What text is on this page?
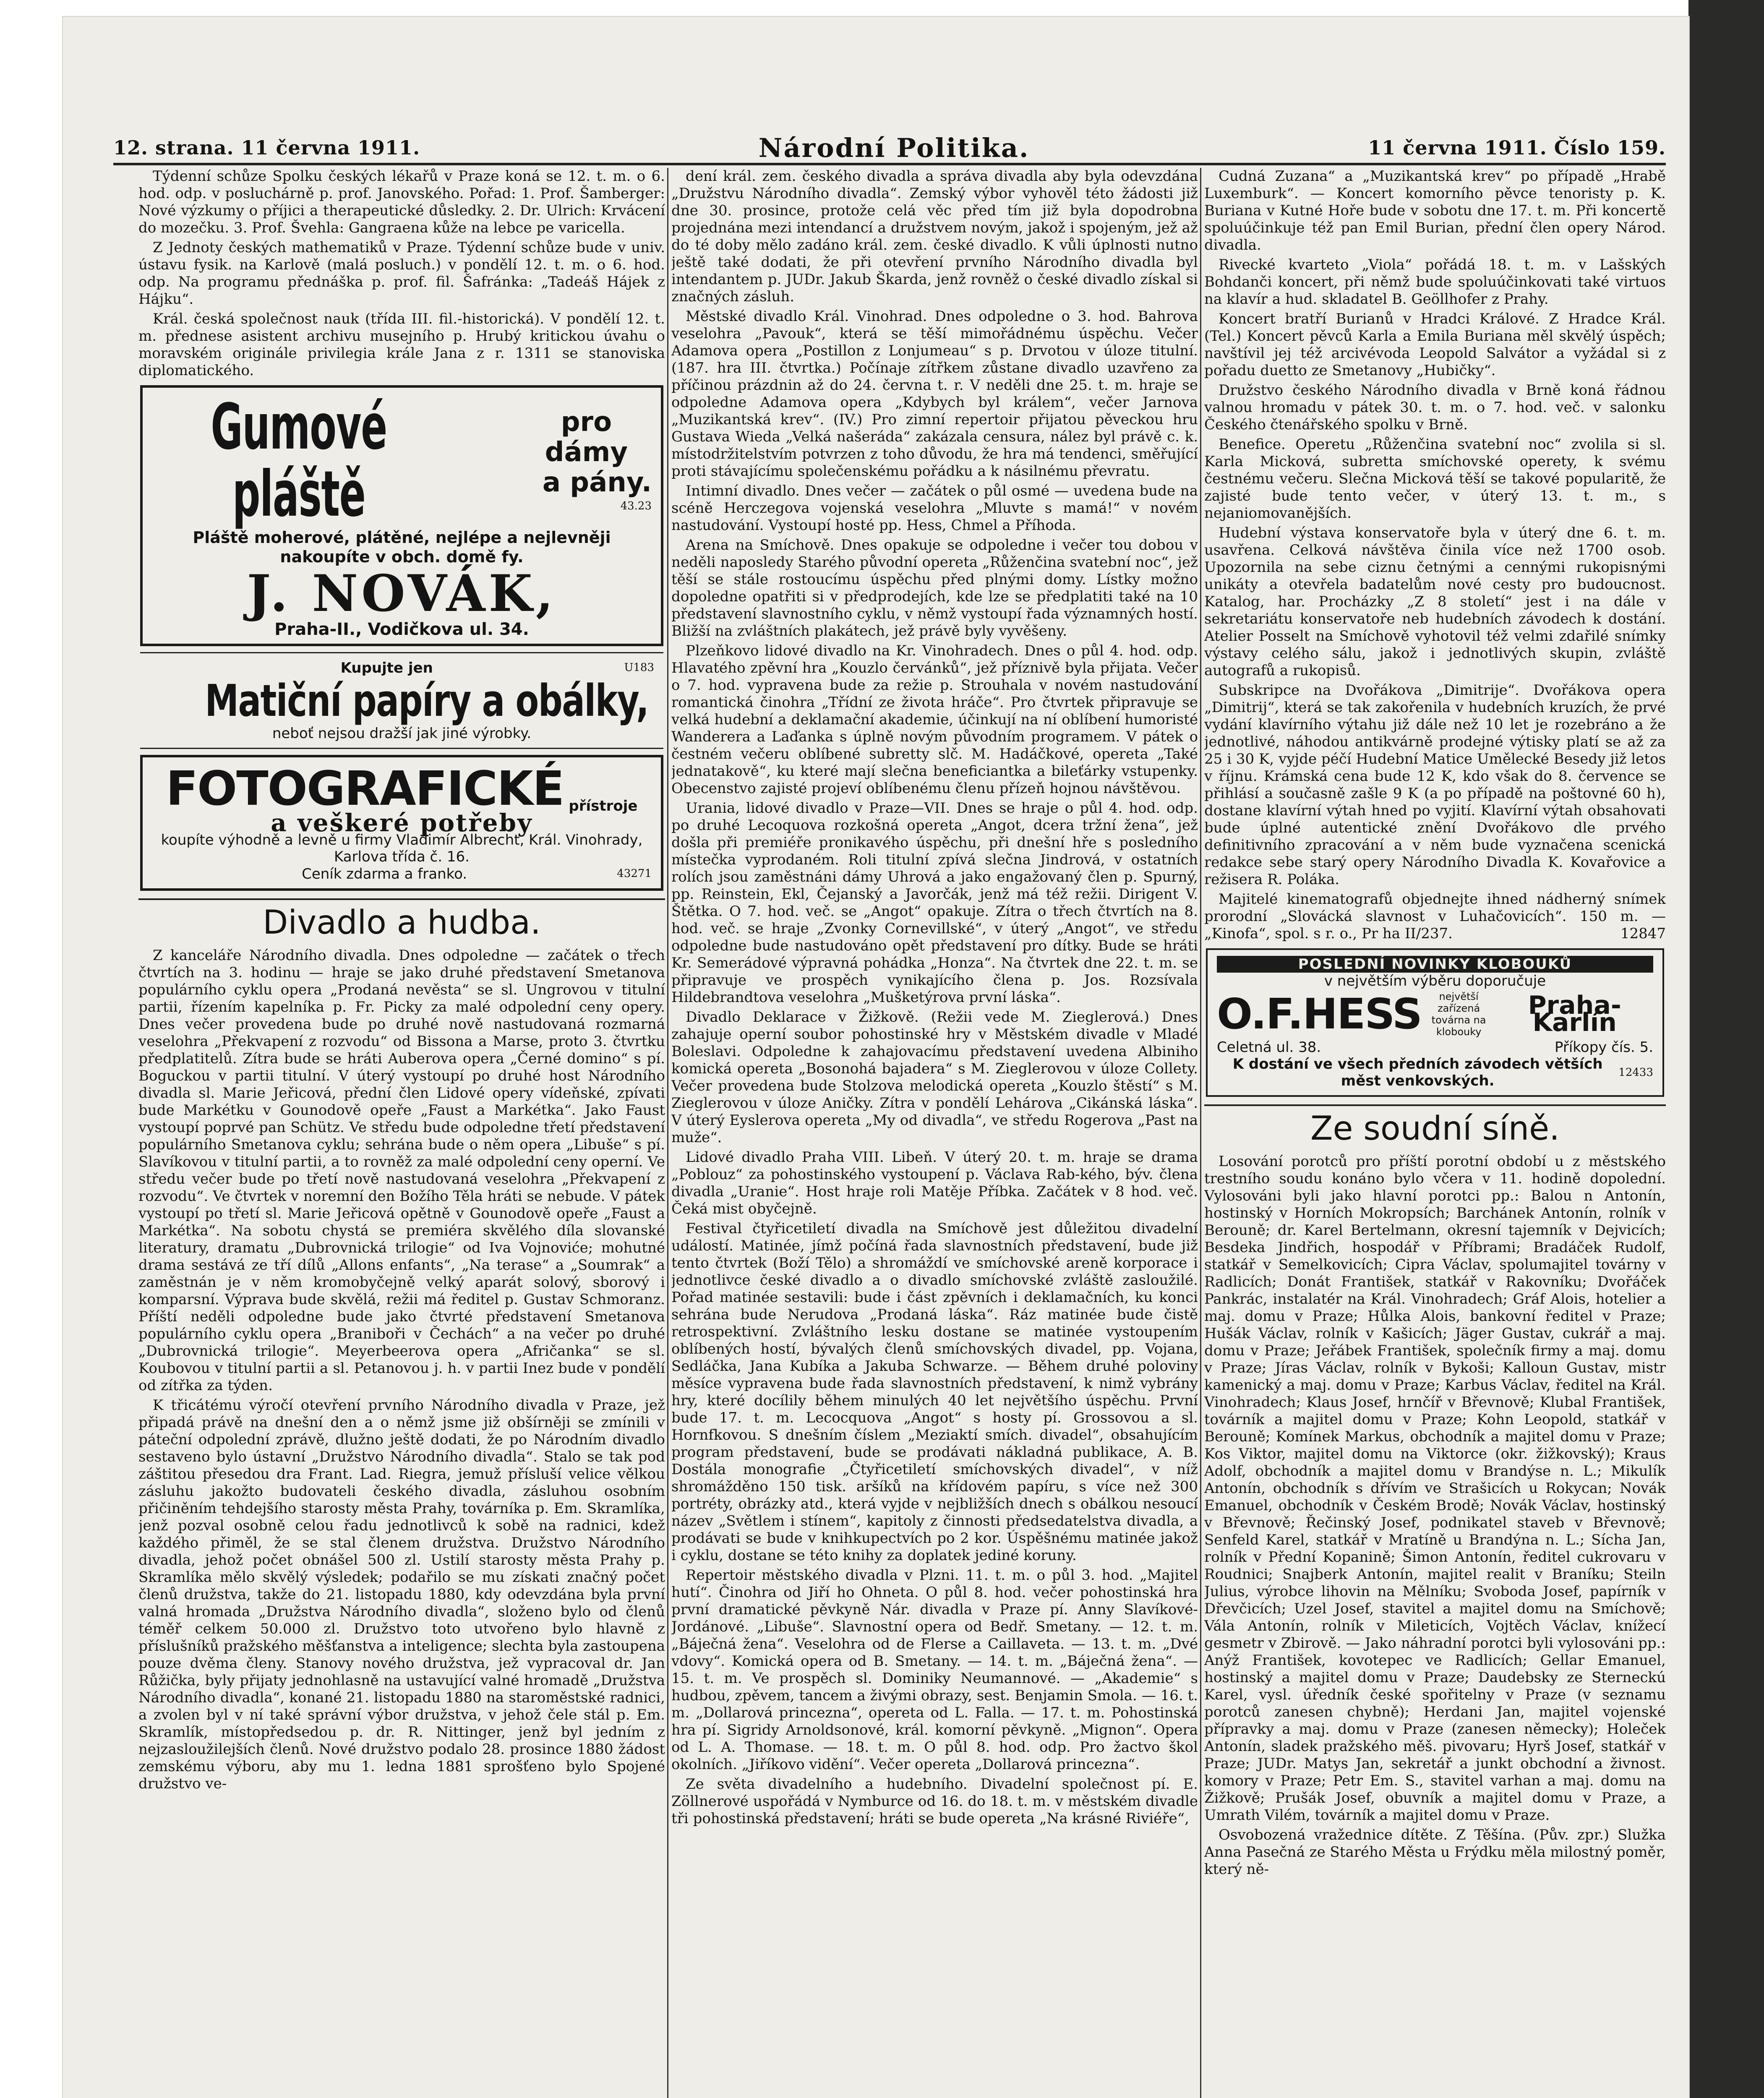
12. strana. 11 června 1911.	Národní Politika.	11 června 1911. Číslo 159.

Týdenní schůze Spolku českých lékařů v Praze koná se 12. t. m. o 6. hod. odp. v posluchárně p. prof. Janovského. Pořad: 1. Prof. Šamberger: Nové výzkumy o příjici a therapeutické důsledky. 2. Dr. Ulrich: Krvácení do mozečku. 3. Prof. Švehla: Gangraena kůže na lebce pe varicella.

Z Jednoty českých mathematiků v Praze. Týdenní schůze bude v univ. ústavu fysik. na Karlově (malá posluch.) v pondělí 12. t. m. o 6. hod. odp. Na programu přednáška p. prof. fil. Šafránka: „Tadeáš Hájek z Hájku“.

Král. česká společnost nauk (třída III. fil.-historická). V pondělí 12. t. m. přednese asistent archivu musejního p. Hrubý kritickou úvahu o moravském originále privilegia krále Jana z r. 1311 se stanoviska diplomatického.

Gumové pláště
pro dámy
a pány.
43.23
Pláště moherové, plátěné, nejlépe a nejlevněji nakoupíte v obch. domě fy.
J. NOVÁK,
Praha-II., Vodičkova ul. 34.
Kupujte jen	U183
Matiční papíry a obálky,
neboť nejsou dražší jak jiné výrobky.
FOTOGRAFICKÉ přístroje
a veškeré potřeby
koupíte výhodně a levně u firmy Vladimír Albrecht, Král. Vinohrady, Karlova třída č. 16.
Ceník zdarma a franko.	43271
Divadlo a hudba.

Z kanceláře Národního divadla. Dnes odpoledne — začátek o třech čtvrtích na 3. hodinu — hraje se jako druhé představení Smetanova populárního cyklu opera „Prodaná nevěsta“ se sl. Ungrovou v titulní partii, řízením kapelníka p. Fr. Picky za malé odpolední ceny opery. Dnes večer provedena bude po druhé nově nastudovaná rozmarná veselohra „Překvapení z rozvodu“ od Bissona a Marse, proto 3. čtvrtku předplatitelů. Zítra bude se hráti Auberova opera „Černé domino“ s pí. Boguckou v partii titulní. V úterý vystoupí po druhé host Národního divadla sl. Marie Jeřicová, přední člen Lidové opery vídeňské, zpívati bude Markétku v Gounodově opeře „Faust a Markétka“. Jako Faust vystoupí poprvé pan Schütz. Ve středu bude odpoledne třetí představení populárního Smetanova cyklu; sehrána bude o něm opera „Libuše“ s pí. Slavíkovou v titulní partii, a to rovněž za malé odpolední ceny operní. Ve středu večer bude po třetí nově nastudovaná veselohra „Překvapení z rozvodu“. Ve čtvrtek v noremní den Božího Těla hráti se nebude. V pátek vystoupí po třetí sl. Marie Jeřicová opětně v Gounodově opeře „Faust a Markétka“. Na sobotu chystá se premiéra skvělého díla slovanské literatury, dramatu „Dubrovnická trilogie“ od Iva Vojnoviće; mohutné drama sestává ze tří dílů „Allons enfants“, „Na terase“ a „Soumrak“ a zaměstnán je v něm kromobyčejně velký aparát solový, sborový i komparsní. Výprava bude skvělá, režii má ředitel p. Gustav Schmoranz. Příští neděli odpoledne bude jako čtvrté představení Smetanova populárního cyklu opera „Braniboři v Čechách“ a na večer po druhé „Dubrovnická trilogie“. Meyerbeerova opera „Afričanka“ se sl. Koubovou v titulní partii a sl. Petanovou j. h. v partii Inez bude v pondělí od zítřka za týden.

K třicátému výročí otevření prvního Národního divadla v Praze, jež připadá právě na dnešní den a o němž jsme již obšírněji se zmínili v páteční odpolední zprávě, dlužno ještě dodati, že po Národním divadlo sestaveno bylo ústavní „Družstvo Národního divadla“. Stalo se tak pod záštitou přesedou dra Frant. Lad. Riegra, jemuž přísluší velice vělkou zásluhu jakožto budovateli českého divadla, zásluhou osobním přičiněním tehdejšího starosty města Prahy, továrníka p. Em. Skramlíka, jenž pozval osobně celou řadu jednotlivců k sobě na radnici, kdež každého přiměl, že se stal členem družstva. Družstvo Národního divadla, jehož počet obnášel 500 zl. Ustilí starosty města Prahy p. Skramlíka mělo skvělý výsledek; podařilo se mu získati značný počet členů družstva, takže do 21. listopadu 1880, kdy odevzdána byla první valná hromada „Družstva Národního divadla“, složeno bylo od členů téměř celkem 50.000 zl. Družstvo toto utvořeno bylo hlavně z příslušníků pražského měšťanstva a inteligence; slechta byla zastoupena pouze dvěma členy. Stanovy nového družstva, jež vypracoval dr. Jan Růžička, byly přijaty jednohlasně na ustavující valné hromadě „Družstva Národního divadla“, konané 21. listopadu 1880 na staroměstské radnici, a zvolen byl v ní také správní výbor družstva, v jehož čele stál p. Em. Skramlík, místopředsedou p. dr. R. Nittinger, jenž byl jedním z nejzasloužilejších členů. Nové družstvo podalo 28. prosince 1880 žádost zemskému výboru, aby mu 1. ledna 1881 sprošťeno bylo Spojené družstvo ve-

dení král. zem. českého divadla a správa divadla aby byla odevzdána „Družstvu Národního divadla“. Zemský výbor vyhověl této žádosti již dne 30. prosince, protože celá věc před tím již byla dopodrobna projednána mezi intendancí a družstvem novým, jakož i spojeným, jež až do té doby mělo zadáno král. zem. české divadlo. K vůli úplnosti nutno ještě také dodati, že při otevření prvního Národního divadla byl intendantem p. JUDr. Jakub Škarda, jenž rovněž o české divadlo získal si značných zásluh.

Městské divadlo Král. Vinohrad. Dnes odpoledne o 3. hod. Bahrova veselohra „Pavouk“, která se těší mimořádnému úspěchu. Večer Adamova opera „Postillon z Lonjumeau“ s p. Drvotou v úloze titulní. (187. hra III. čtvrtka.) Počínaje zítřkem zůstane divadlo uzavřeno za příčinou prázdnin až do 24. června t. r. V neděli dne 25. t. m. hraje se odpoledne Adamova opera „Kdybych byl králem“, večer Jarnova „Muzikantská krev“. (IV.) Pro zimní repertoir přijatou pěveckou hru Gustava Wieda „Velká našeráda“ zakázala censura, nález byl právě c. k. místodržitelstvím potvrzen z toho důvodu, že hra má tendenci, směřující proti stávajícímu společenskému pořádku a k násilnému převratu.

Intimní divadlo. Dnes večer — začátek o půl osmé — uvedena bude na scéně Herczegova vojenská veselohra „Mluvte s mamá!“ v novém nastudování. Vystoupí hosté pp. Hess, Chmel a Příhoda.

Arena na Smíchově. Dnes opakuje se odpoledne i večer tou dobou v neděli naposledy Starého původní opereta „Růženčina svatební noc“, jež těší se stále rostoucímu úspěchu před plnými domy. Lístky možno dopoledne opatřiti si v předprodejích, kde lze se předplatiti také na 10 představení slavnostního cyklu, v němž vystoupí řada významných hostí. Bližší na zvláštních plakátech, jež právě byly vyvěšeny.

Plzeňkovo lidové divadlo na Kr. Vinohradech. Dnes o půl 4. hod. odp. Hlavatého zpěvní hra „Kouzlo červánků“, jež příznivě byla přijata. Večer o 7. hod. vypravena bude za režie p. Strouhala v novém nastudování romantická činohra „Třídní ze života hráče“. Pro čtvrtek připravuje se velká hudební a deklamační akademie, účinkují na ní oblíbení humoristé Wanderera a Laďanka s úplně novým původním programem. V pátek o čestném večeru oblíbené subretty slč. M. Hadáčkové, opereta „Také jednatakově“, ku které mají slečna beneficiantka a bileťárky vstupenky. Obecenstvo zajisté projeví oblíbenému členu přízeň hojnou návštěvou.

Urania, lidové divadlo v Praze—VII. Dnes se hraje o půl 4. hod. odp. po druhé Lecoquova rozkošná opereta „Angot, dcera tržní žena“, jež došla při premiéře pronikavého úspěchu, při dnešní hře s posledního místečka vyprodaném. Roli titulní zpívá slečna Jindrová, v ostatních rolích jsou zaměstnáni dámy Uhrová a jako engažovaný člen p. Spurný, pp. Reinstein, Ekl, Čejanský a Javorčák, jenž má též režii. Dirigent V. Štětka. O 7. hod. več. se „Angot“ opakuje. Zítra o třech čtvrtích na 8. hod. več. se hraje „Zvonky Cornevillské“, v úterý „Angot“, ve středu odpoledne bude nastudováno opět představení pro dítky. Bude se hráti Kr. Semerádové výpravná pohádka „Honza“. Na čtvrtek dne 22. t. m. se připravuje ve prospěch vynikajícího člena p. Jos. Rozsívala Hildebrandtova veselohra „Mušketýrova první láska“.

Divadlo Deklarace v Žižkově. (Režii vede M. Zieglerová.) Dnes zahajuje operní soubor pohostinské hry v Městském divadle v Mladé Boleslavi. Odpoledne k zahajovacímu představení uvedena Albiniho komická opereta „Bosonohá bajadera“ s M. Zieglerovou v úloze Collety. Večer provedena bude Stolzova melodická opereta „Kouzlo štěstí“ s M. Zieglerovou v úloze Aničky. Zítra v pondělí Lehárova „Cikánská láska“. V úterý Eyslerova opereta „My od divadla“, ve středu Rogerova „Past na muže“.

Lidové divadlo Praha VIII. Libeň. V úterý 20. t. m. hraje se drama „Poblouz“ za pohostinského vystoupení p. Václava Rab-kého, býv. člena divadla „Uranie“. Host hraje roli Matěje Příbka. Začátek v 8 hod. več. Čeká mist obyčejně.

Festival čtyřicetiletí divadla na Smíchově jest důležitou divadelní událostí. Matinée, jímž počíná řada slavnostních představení, bude již tento čtvrtek (Boží Tělo) a shromáždí ve smíchovské areně korporace i jednotlivce české divadlo a o divadlo smíchovské zvláště zasloužilé. Pořad matinée sestavili: bude i část zpěvních i deklamačních, ku konci sehrána bude Nerudova „Prodaná láska“. Ráz matinée bude čistě retrospektivní. Zvláštního lesku dostane se matinée vystoupením oblíbených hostí, bývalých členů smíchovských divadel, pp. Vojana, Sedláčka, Jana Kubíka a Jakuba Schwarze. — Během druhé poloviny měsíce vypravena bude řada slavnostních představení, k nimž vybrány hry, které docílily během minulých 40 let největšího úspěchu. První bude 17. t. m. Lecocquova „Angot“ s hosty pí. Grossovou a sl. Hornfkovou. S dnešním číslem „Meziaktí smích. divadel“, obsahujícím program představení, bude se prodávati nákladná publikace, A. B. Dostála monografie „Čtyřicetiletí smíchovských divadel“, v níž shromážděno 150 tisk. aršíků na křídovém papíru, s více než 300 portréty, obrázky atd., která vyjde v nejbližších dnech s obálkou nesoucí název „Světlem i stínem“, kapitoly z činnosti předsedatelstva divadla, a prodávati se bude v knihkupectvích po 2 kor. Úspěšnému matinée jakož i cyklu, dostane se této knihy za doplatek jediné koruny.

Repertoir městského divadla v Plzni. 11. t. m. o půl 3. hod. „Majitel hutí“. Činohra od Jiří ho Ohneta. O půl 8. hod. večer pohostinská hra první dramatické pěvkyně Nár. divadla v Praze pí. Anny Slavíkové-Jordánové. „Libuše“. Slavnostní opera od Bedř. Smetany. — 12. t. m. „Báječná žena“. Veselohra od de Flerse a Caillaveta. — 13. t. m. „Dvé vdovy“. Komická opera od B. Smetany. — 14. t. m. „Báječná žena“. — 15. t. m. Ve prospěch sl. Dominiky Neumannové. — „Akademie“ s hudbou, zpěvem, tancem a živými obrazy, sest. Benjamin Smola. — 16. t. m. „Dollarová princezna“, opereta od L. Falla. — 17. t. m. Pohostinská hra pí. Sigridy Arnoldsonové, král. komorní pěvkyně. „Mignon“. Opera od L. A. Thomase. — 18. t. m. O půl 8. hod. odp. Pro žactvo škol okolních. „Jiříkovo vidění“. Večer opereta „Dollarová princezna“.

Ze světa divadelního a hudebního. Divadelní společnost pí. E. Zöllnerové uspořádá v Nymburce od 16. do 18. t. m. v městském divadle tři pohostinská představení; hráti se bude opereta „Na krásné Riviéře“,

Cudná Zuzana“ a „Muzikantská krev“ po případě „Hrabě Luxemburk“. — Koncert komorního pěvce tenoristy p. K. Buriana v Kutné Hoře bude v sobotu dne 17. t. m. Při koncertě spoluúčinkuje též pan Emil Burian, přední člen opery Národ. divadla.

Rivecké kvarteto „Viola“ pořádá 18. t. m. v Lašských Bohdanči koncert, při němž bude spoluúčinkovati také virtuos na klavír a hud. skladatel B. Geöllhofer z Prahy.

Koncert bratří Burianů v Hradci Králové. Z Hradce Král. (Tel.) Koncert pěvců Karla a Emila Buriana měl skvělý úspěch; navštívil jej též arcivévoda Leopold Salvátor a vyžádal si z pořadu duetto ze Smetanovy „Hubičky“.

Družstvo českého Národního divadla v Brně koná řádnou valnou hromadu v pátek 30. t. m. o 7. hod. več. v salonku Českého čtenářského spolku v Brně.

Benefice. Operetu „Růženčina svatební noc“ zvolila si sl. Karla Micková, subretta smíchovské operety, k svému čestnému večeru. Slečna Micková těší se takové popularitě, že zajisté bude tento večer, v úterý 13. t. m., s nejaniomovanějších.

Hudební výstava konservatoře byla v úterý dne 6. t. m. usavřena. Celková návštěva činila více než 1700 osob. Upozornila na sebe ciznu četnými a cennými rukopisnými unikáty a otevřela badatelům nové cesty pro budoucnost. Katalog, har. Procházky „Z 8 století“ jest i na dále v sekretariátu konservatoře neb hudebních závodech k dostání. Atelier Posselt na Smíchově vyhotovil též velmi zdařilé snímky výstavy celého sálu, jakož i jednotlivých skupin, zvláště autografů a rukopisů.

Subskripce na Dvořákova „Dimitrije“. Dvořákova opera „Dimitrij“, která se tak zakořenila v hudebních kruzích, že prvé vydání klavírního výtahu již dále než 10 let je rozebráno a že jednotlivé, náhodou antikvárně prodejné výtisky platí se až za 25 i 30 K, vyjde péčí Hudební Matice Umělecké Besedy již letos v říjnu. Krámská cena bude 12 K, kdo však do 8. července se přihlásí a současně zašle 9 K (a po případě na poštovné 60 h), dostane klavírní výtah hned po vyjití. Klavírní výtah obsahovati bude úplné autentické znění Dvořákovo dle prvého definitivního zpracování a v něm bude vyznačena scenická redakce sebe starý opery Národního Divadla K. Kovařovice a režisera R. Poláka.

Majitelé kinematografů objednejte ihned nádherný snímek prorodní „Slovácká slavnost v Luhačovicích“. 150 m. — „Kinofa“, spol. s r. o., Pr ha II/237.	12847

POSLEDNÍ NOVINKY KLOBOUKŮ
v největším výběru doporučuje
O.F.HESS	největší zařízená továrna na klobouky
Praha-Karlín
Celetná ul. 38.	Příkopy čís. 5.
K dostání ve všech předních závodech větších měst venkovských.
12433
Ze soudní síně.

Losování porotců pro příští porotní období u z městského trestního soudu konáno bylo včera v 11. hodině dopolední. Vylosováni byli jako hlavní porotci pp.: Balou n Antonín, hostinský v Horních Mokropsích; Barchánek Antonín, rolník v Berouně; dr. Karel Bertelmann, okresní tajemník v Dejvicích; Besdeka Jindřich, hospodář v Příbrami; Bradáček Rudolf, statkář v Semelkovicích; Cipra Václav, spolumajitel továrny v Radlicích; Donát František, statkář v Rakovníku; Dvořáček Pankrác, instalatér na Král. Vinohradech; Gráf Alois, hotelier a maj. domu v Praze; Hůlka Alois, bankovní ředitel v Praze; Hušák Václav, rolník v Kašicích; Jäger Gustav, cukrář a maj. domu v Praze; Jeřábek František, společník firmy a maj. domu v Praze; Jíras Václav, rolník v Bykoši; Kalloun Gustav, mistr kamenický a maj. domu v Praze; Karbus Václav, ředitel na Král. Vinohradech; Klaus Josef, hrnčíř v Břevnově; Klubal František, továrník a majitel domu v Praze; Kohn Leopold, statkář v Berouně; Komínek Markus, obchodník a majitel domu v Praze; Kos Viktor, majitel domu na Viktorce (okr. žižkovský); Kraus Adolf, obchodník a majitel domu v Brandýse n. L.; Mikulík Antonín, obchodník s dřívím ve Strašicích u Rokycan; Novák Emanuel, obchodník v Českém Brodě; Novák Václav, hostinský v Břevnově; Řečinský Josef, podnikatel staveb v Břevnově; Senfeld Karel, statkář v Mratíně u Brandýna n. L.; Sícha Jan, rolník v Přední Kopanině; Šimon Antonín, ředitel cukrovaru v Roudnici; Snajberk Antonín, majitel realit v Braníku; Steiln Julius, výrobce lihovin na Mělníku; Svoboda Josef, papírník v Dřevčicích; Uzel Josef, stavitel a majitel domu na Smíchově; Vála Antonín, rolník v Mileticích, Vojtěch Václav, knížecí gesmetr v Zbirově. — Jako náhradní porotci byli vylosováni pp.: Anýž František, kovotepec ve Radlicích; Gellar Emanuel, hostinský a majitel domu v Praze; Daudebsky ze Sterneckú Karel, vysl. úředník české spořitelny v Praze (v seznamu porotců zanesen chybně); Herdani Jan, majitel vojenské přípravky a maj. domu v Praze (zanesen německy); Holeček Antonín, sladek pražského měš. pivovaru; Hyrš Josef, statkář v Praze; JUDr. Matys Jan, sekretář a junkt obchodní a živnost. komory v Praze; Petr Em. S., stavitel varhan a maj. domu na Žižkově; Prušák Josef, obuvník a majitel domu v Praze, a Umrath Vilém, továrník a majitel domu v Praze.

Osvobozená vražednice dítěte. Z Těšína. (Pův. zpr.) Služka Anna Pasečná ze Starého Města u Frýdku měla milostný poměr, který ně-
